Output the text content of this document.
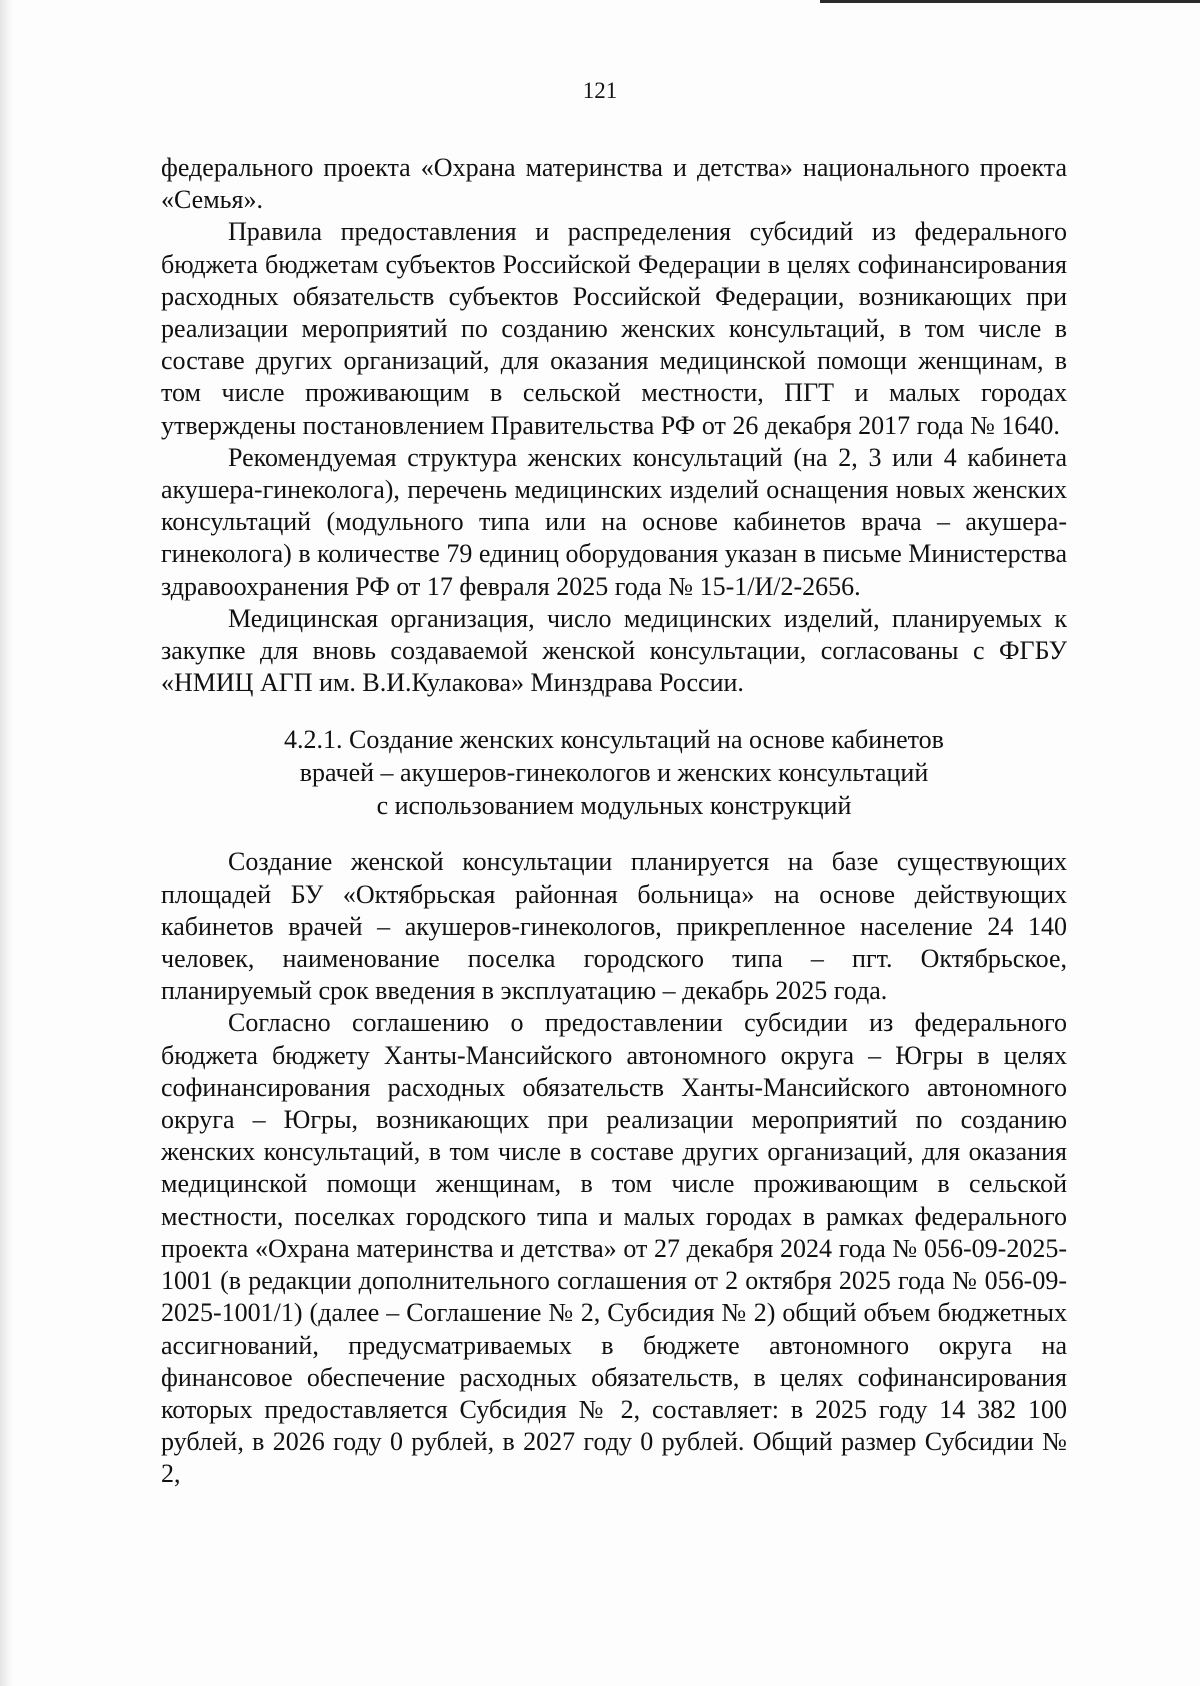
121

федерального проекта «Охрана материнства и детства» национального проекта «Семья».

Правила предоставления и распределения субсидий из федерального бюджета бюджетам субъектов Российской Федерации в целях софинансирования расходных обязательств субъектов Российской Федерации, возникающих при реализации мероприятий по созданию женских консультаций, в том числе в составе других организаций, для оказания медицинской помощи женщинам, в том числе проживающим в сельской местности, ПГТ и малых городах утверждены постановлением Правительства РФ от 26 декабря 2017 года № 1640.

Рекомендуемая структура женских консультаций (на 2, 3 или 4 кабинета акушера-гинеколога), перечень медицинских изделий оснащения новых женских консультаций (модульного типа или на основе кабинетов врача – акушера-гинеколога) в количестве 79 единиц оборудования указан в письме Министерства здравоохранения РФ от 17 февраля 2025 года № 15-1/И/2-2656.

Медицинская организация, число медицинских изделий, планируемых к закупке для вновь создаваемой женской консультации, согласованы с ФГБУ «НМИЦ АГП им. В.И.Кулакова» Минздрава России.

4.2.1. Создание женских консультаций на основе кабинетов
врачей – акушеров-гинекологов и женских консультаций
с использованием модульных конструкций

Создание женской консультации планируется на базе существующих площадей БУ «Октябрьская районная больница» на основе действующих кабинетов врачей – акушеров-гинекологов, прикрепленное население 24 140 человек, наименование поселка городского типа – пгт. Октябрьское, планируемый срок введения в эксплуатацию – декабрь 2025 года.

Согласно соглашению о предоставлении субсидии из федерального бюджета бюджету Ханты-Мансийского автономного округа – Югры в целях софинансирования расходных обязательств Ханты-Мансийского автономного округа – Югры, возникающих при реализации мероприятий по созданию женских консультаций, в том числе в составе других организаций, для оказания медицинской помощи женщинам, в том числе проживающим в сельской местности, поселках городского типа и малых городах в рамках федерального проекта «Охрана материнства и детства» от 27 декабря 2024 года № 056-09-2025-1001 (в редакции дополнительного соглашения от 2 октября 2025 года № 056-09-2025-1001/1) (далее – Соглашение № 2, Субсидия № 2) общий объем бюджетных ассигнований, предусматриваемых в бюджете автономного округа на финансовое обеспечение расходных обязательств, в целях софинансирования которых предоставляется Субсидия № 2, составляет: в 2025 году 14 382 100 рублей, в 2026 году 0 рублей, в 2027 году 0 рублей. Общий размер Субсидии № 2,
